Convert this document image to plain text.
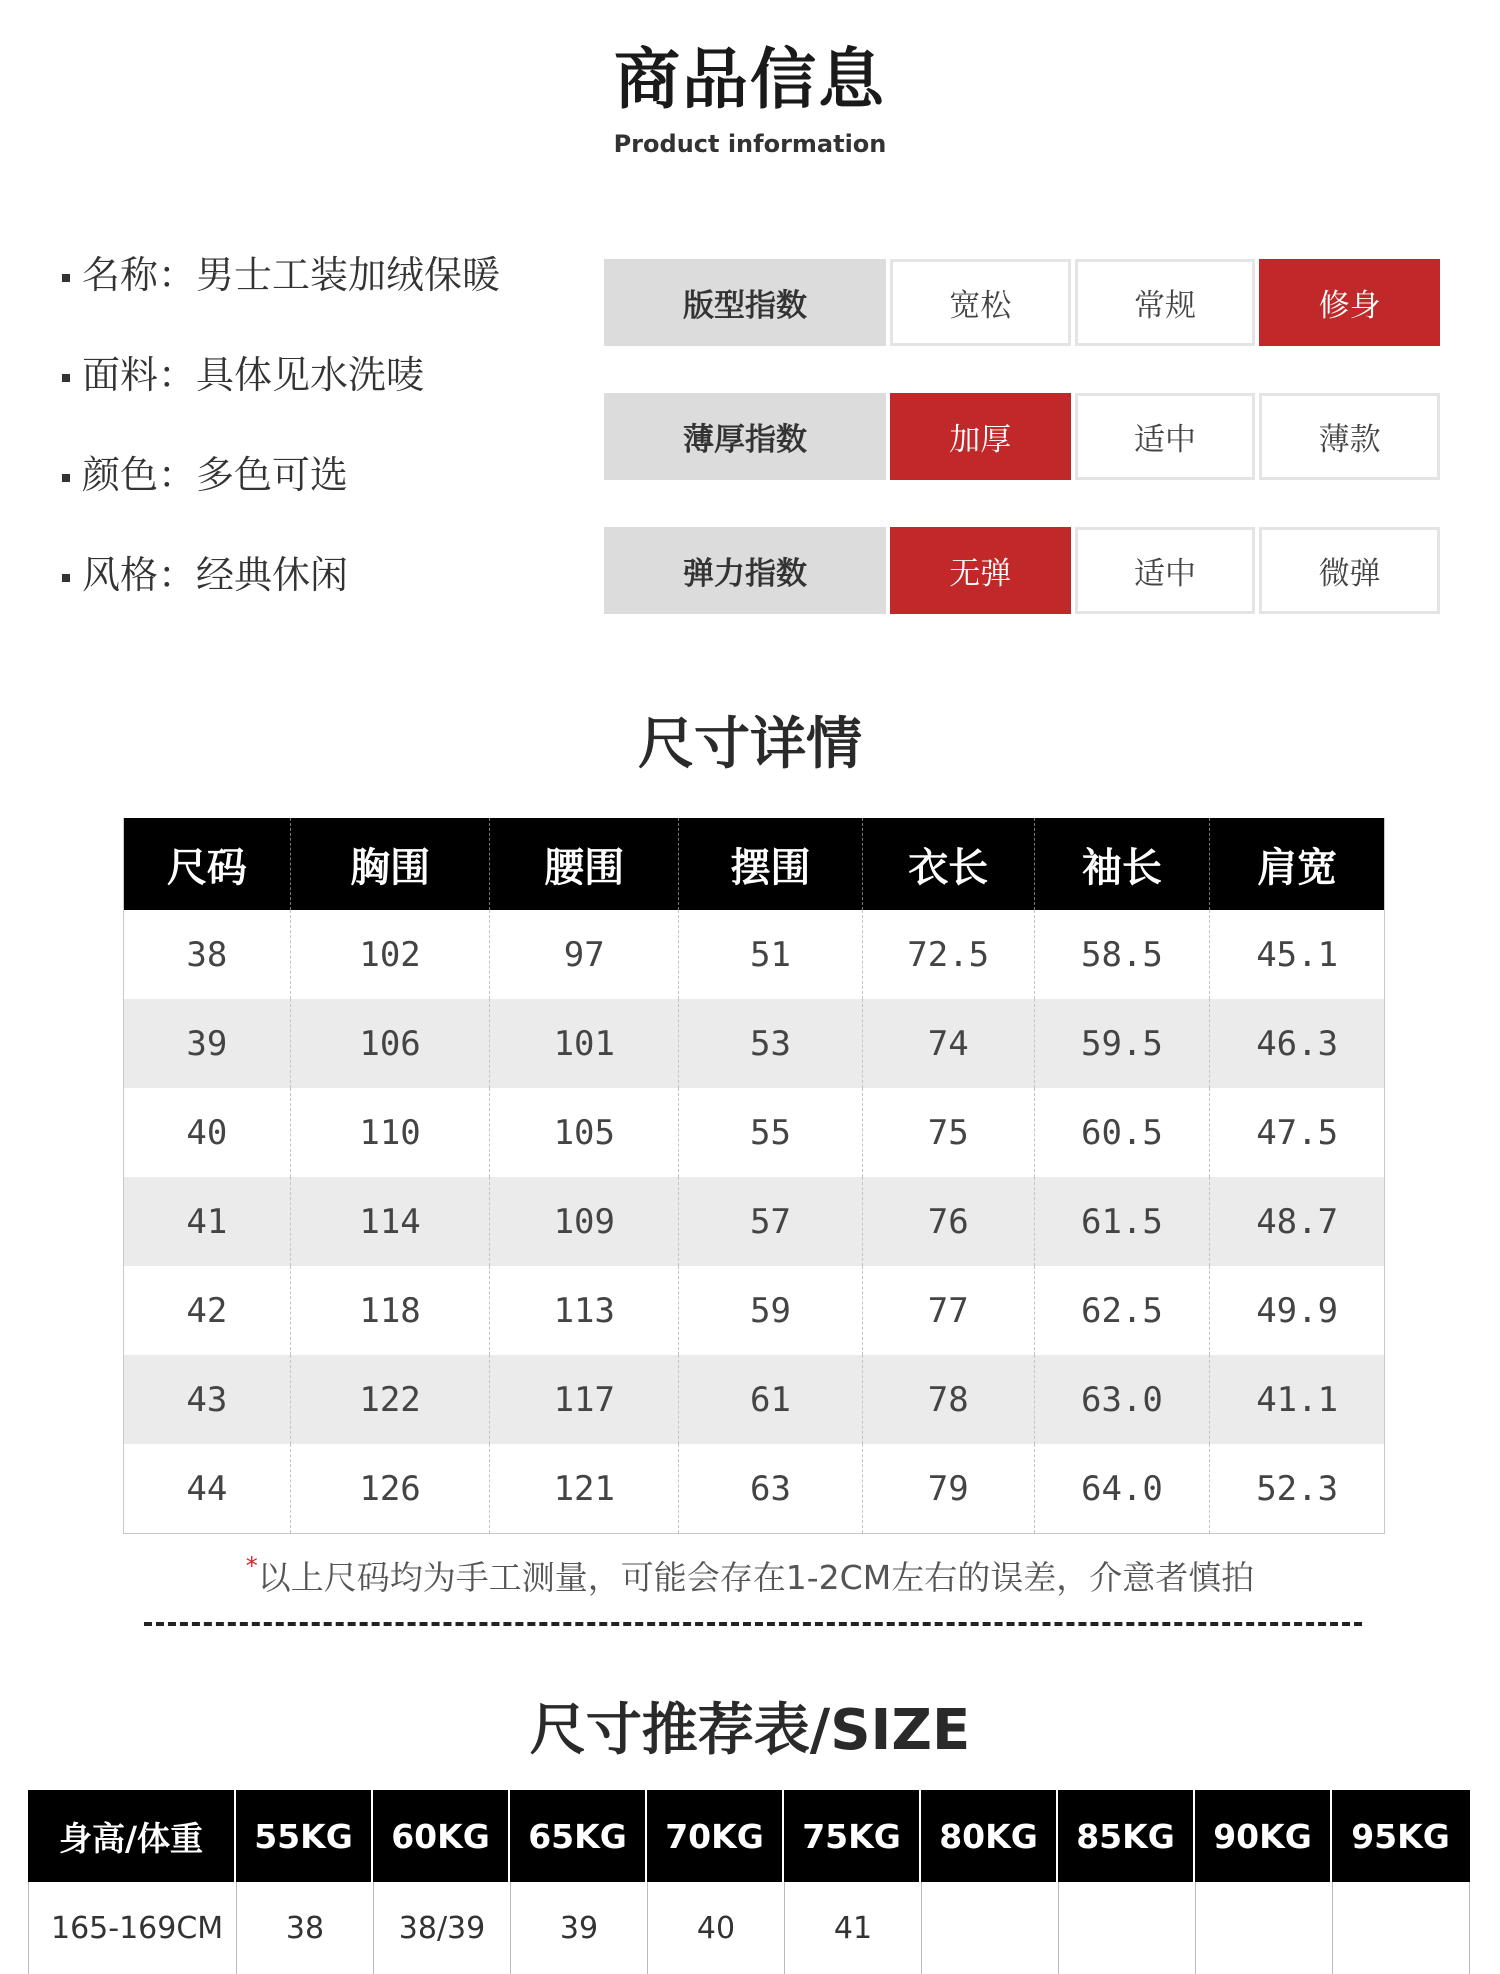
商品信息
Product information
名称：男士工装加绒保暖
面料：具体见水洗唛
颜色：多色可选
风格：经典休闲
版型指数	宽松	常规	修身
薄厚指数	加厚	适中	薄款
弹力指数	无弹	适中	微弹
尺寸详情
尺码	胸围	腰围	摆围	衣长	袖长	肩宽
38	102	97	51	72.5	58.5	45.1
39	106	101	53	74	59.5	46.3
40	110	105	55	75	60.5	47.5
41	114	109	57	76	61.5	48.7
42	118	113	59	77	62.5	49.9
43	122	117	61	78	63.0	41.1
44	126	121	63	79	64.0	52.3
*以上尺码均为手工测量，可能会存在1-2CM左右的误差，介意者慎拍
尺寸推荐表/SIZE
身高/体重	55KG	60KG	65KG	70KG	75KG	80KG	85KG	90KG	95KG
165-169CM	38	38/39	39	40	41
